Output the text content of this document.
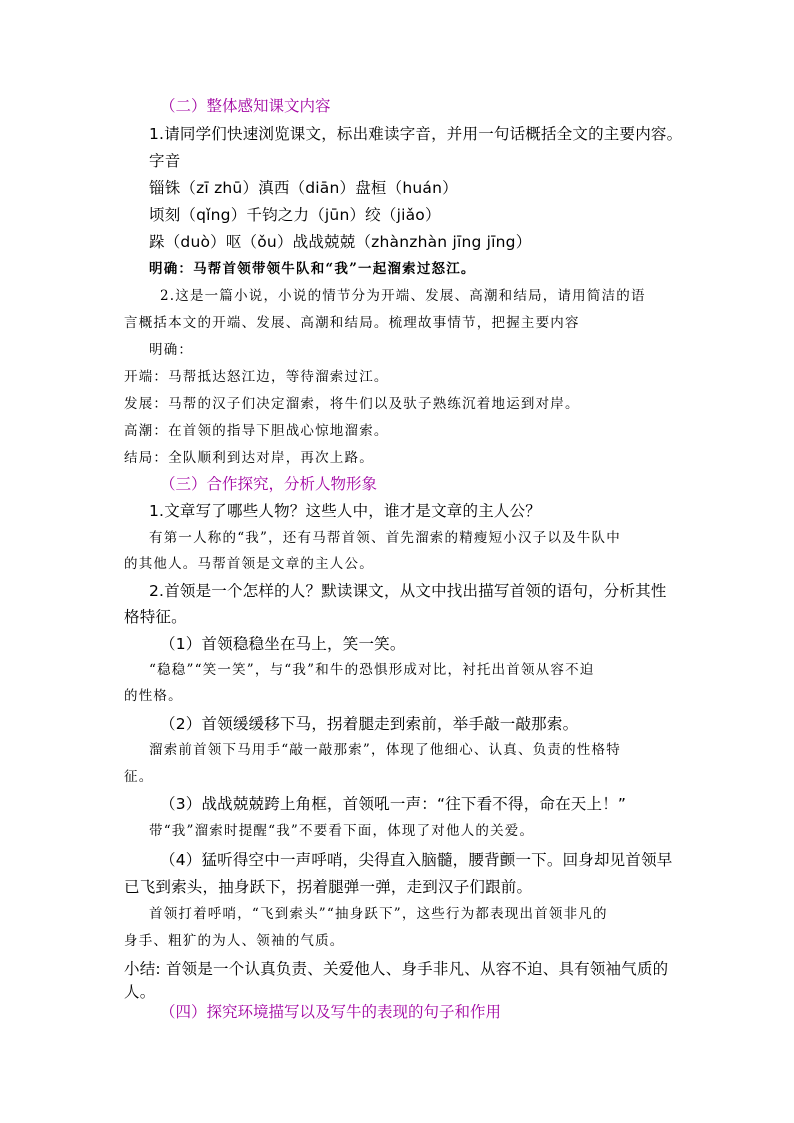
（二）整体感知课文内容
1.请同学们快速浏览课文，标出难读字音，并用一句话概括全文的主要内容。
字音
锱铢（zī zhū）滇西（diān）盘桓（huán）
顷刻（qǐng）千钧之力（jūn）绞（jiǎo）
跺（duò）呕（ǒu）战战兢兢（zhànzhàn jīng jīng）
明确：马帮首领带领牛队和“我”一起溜索过怒江。
2.这是一篇小说，小说的情节分为开端、发展、高潮和结局，请用简洁的语
言概括本文的开端、发展、高潮和结局。梳理故事情节，把握主要内容
明确：
开端：马帮抵达怒江边，等待溜索过江。
发展：马帮的汉子们决定溜索，将牛们以及驮子熟练沉着地运到对岸。
高潮：在首领的指导下胆战心惊地溜索。
结局：全队顺利到达对岸，再次上路。
（三）合作探究，分析人物形象
1.文章写了哪些人物？这些人中，谁才是文章的主人公？
有第一人称的“我”，还有马帮首领、首先溜索的精瘦短小汉子以及牛队中
的其他人。马帮首领是文章的主人公。
2.首领是一个怎样的人？默读课文，从文中找出描写首领的语句，分析其性
格特征。
（1）首领稳稳坐在马上，笑一笑。
“稳稳”“笑一笑”，与“我”和牛的恐惧形成对比，衬托出首领从容不迫
的性格。
（2）首领缓缓移下马，拐着腿走到索前，举手敲一敲那索。
溜索前首领下马用手“敲一敲那索”，体现了他细心、认真、负责的性格特
征。
（3）战战兢兢跨上角框，首领吼一声：“往下看不得，命在天上！”
带“我”溜索时提醒“我”不要看下面，体现了对他人的关爱。
（4）猛听得空中一声呼哨，尖得直入脑髓，腰背颤一下。回身却见首领早
已飞到索头，抽身跃下，拐着腿弹一弹，走到汉子们跟前。
首领打着呼哨，“飞到索头”“抽身跃下”，这些行为都表现出首领非凡的
身手、粗犷的为人、领袖的气质。
小结: 首领是一个认真负责、关爱他人、身手非凡、从容不迫、具有领袖气质的
人。
（四）探究环境描写以及写牛的表现的句子和作用
